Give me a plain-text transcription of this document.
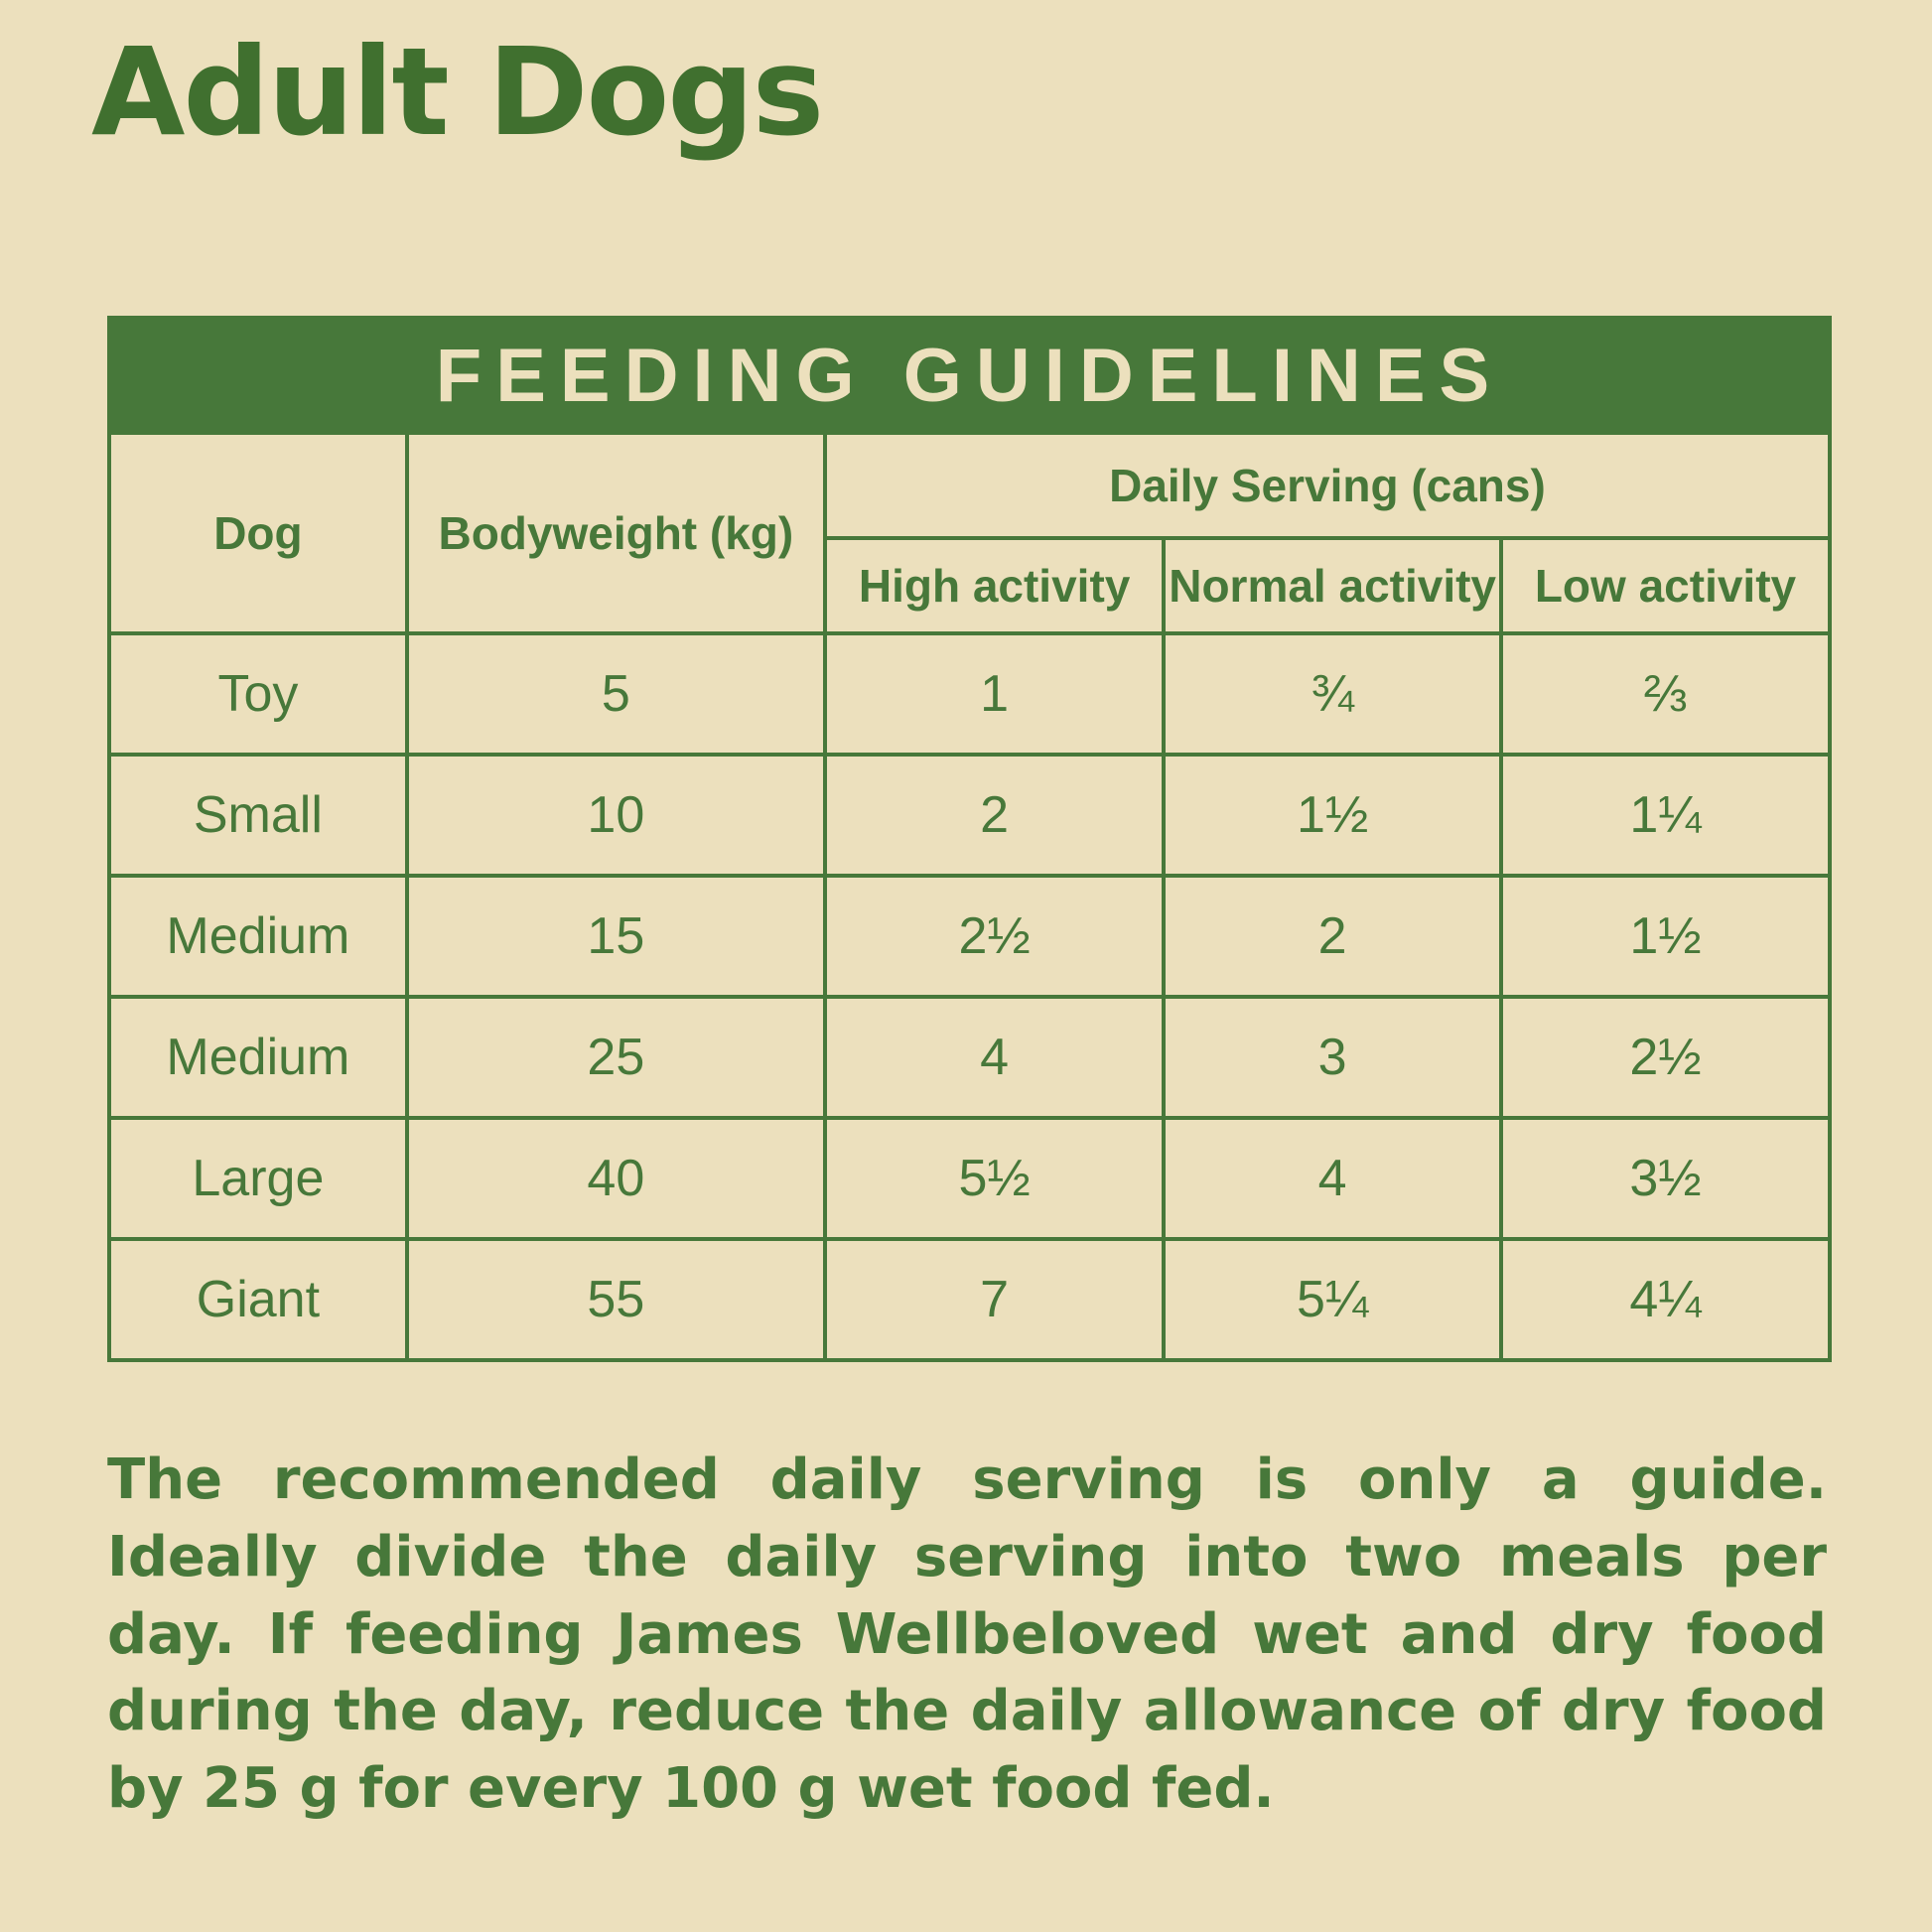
Adult Dogs
FEEDING GUIDELINES				
Dog	Bodyweight (kg)	Daily Serving (cans)		
		High activity	Normal activity	Low activity
Toy	5	1	¾	⅔
Small	10	2	1½	1¼
Medium	15	2½	2	1½
Medium	25	4	3	2½
Large	40	5½	4	3½
Giant	55	7	5¼	4¼
The recommended daily serving is only a guide. Ideally divide the daily serving into two meals per day. If feeding James Wellbeloved wet and dry food during the day, reduce the daily allowance of dry food by 25 g for every 100 g wet food fed.
